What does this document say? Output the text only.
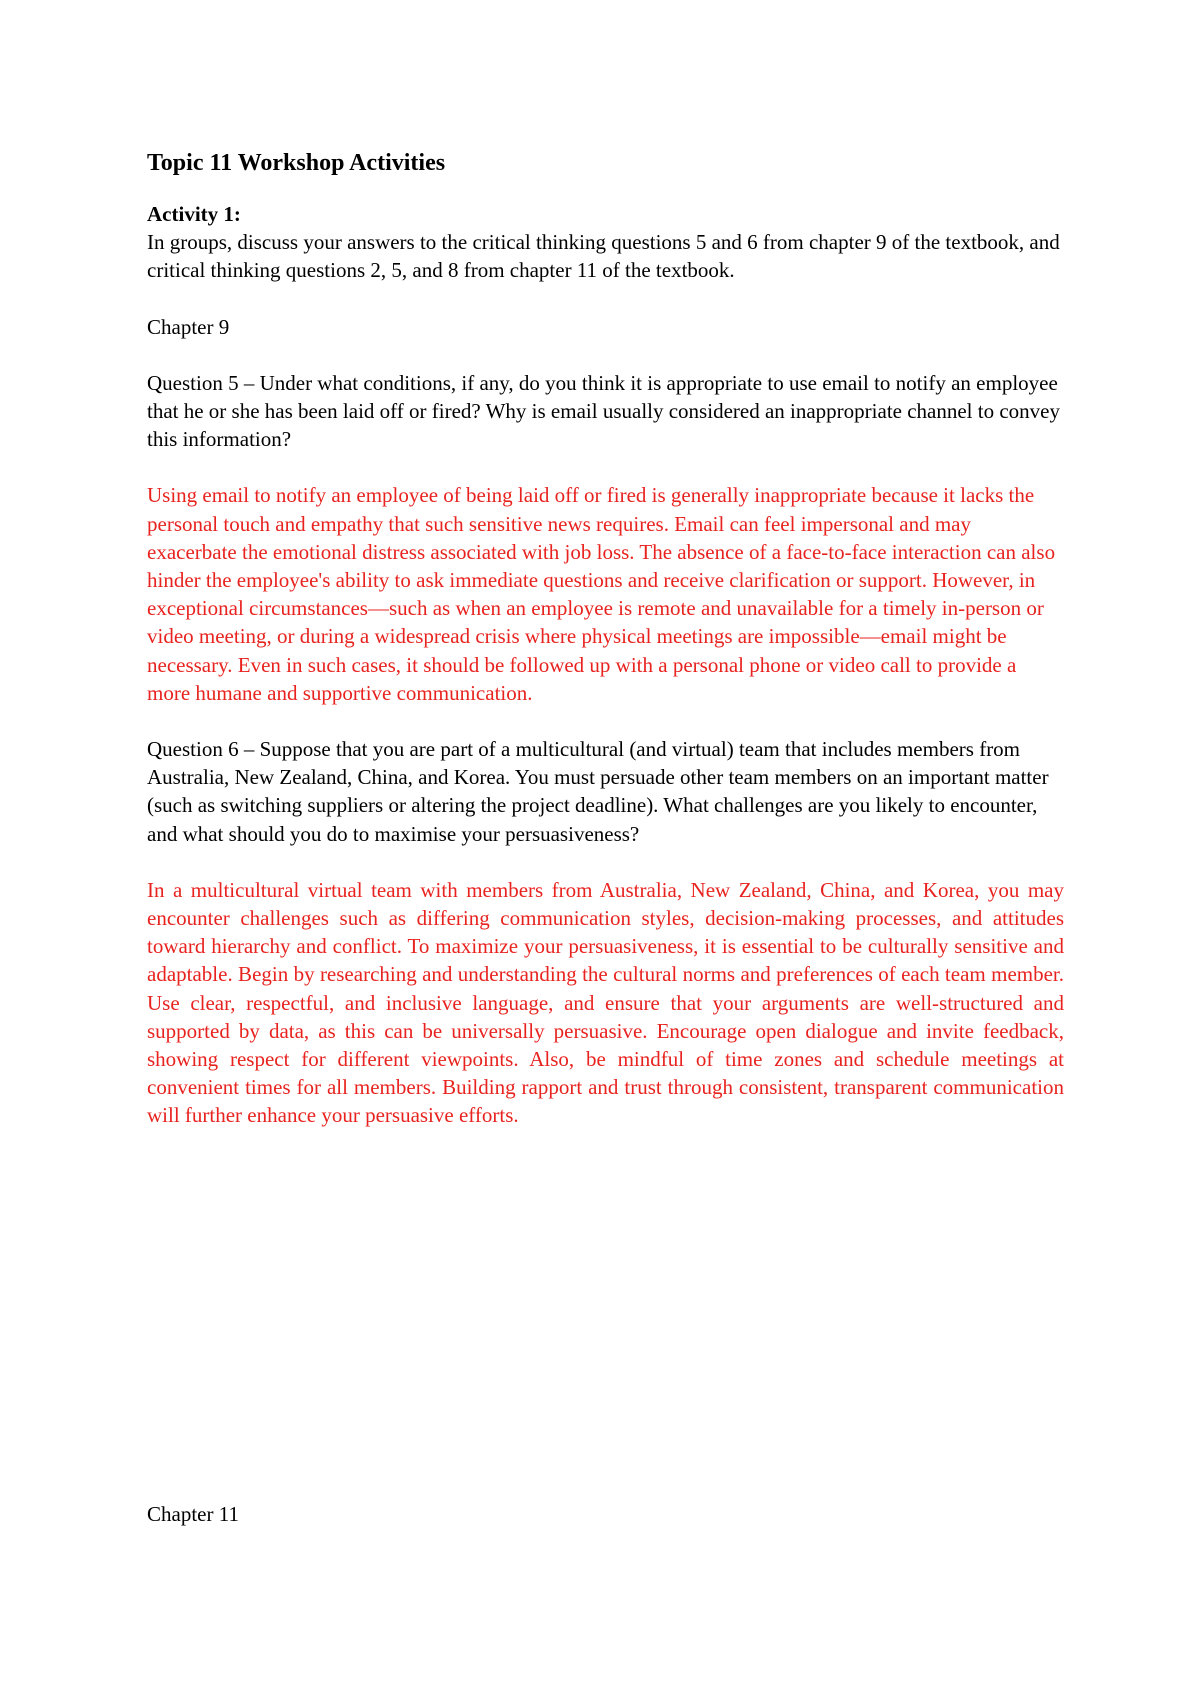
Topic 11 Workshop Activities

Activity 1:

In groups, discuss your answers to the critical thinking questions 5 and 6 from chapter 9 of the textbook, and critical thinking questions 2, 5, and 8 from chapter 11 of the textbook.

Chapter 9

Question 5 – Under what conditions, if any, do you think it is appropriate to use email to notify an employee that he or she has been laid off or fired? Why is email usually considered an inappropriate channel to convey this information?

Using email to notify an employee of being laid off or fired is generally inappropriate because it lacks the personal touch and empathy that such sensitive news requires. Email can feel impersonal and may exacerbate the emotional distress associated with job loss. The absence of a face-to-face interaction can also hinder the employee's ability to ask immediate questions and receive clarification or support. However, in exceptional circumstances—such as when an employee is remote and unavailable for a timely in-person or video meeting, or during a widespread crisis where physical meetings are impossible—email might be necessary. Even in such cases, it should be followed up with a personal phone or video call to provide a more humane and supportive communication.

Question 6 – Suppose that you are part of a multicultural (and virtual) team that includes members from Australia, New Zealand, China, and Korea. You must persuade other team members on an important matter (such as switching suppliers or altering the project deadline). What challenges are you likely to encounter, and what should you do to maximise your persuasiveness?

In a multicultural virtual team with members from Australia, New Zealand, China, and Korea, you may encounter challenges such as differing communication styles, decision-making processes, and attitudes toward hierarchy and conflict. To maximize your persuasiveness, it is essential to be culturally sensitive and adaptable. Begin by researching and understanding the cultural norms and preferences of each team member. Use clear, respectful, and inclusive language, and ensure that your arguments are well-structured and supported by data, as this can be universally persuasive. Encourage open dialogue and invite feedback, showing respect for different viewpoints. Also, be mindful of time zones and schedule meetings at convenient times for all members. Building rapport and trust through consistent, transparent communication will further enhance your persuasive efforts.

Chapter 11
